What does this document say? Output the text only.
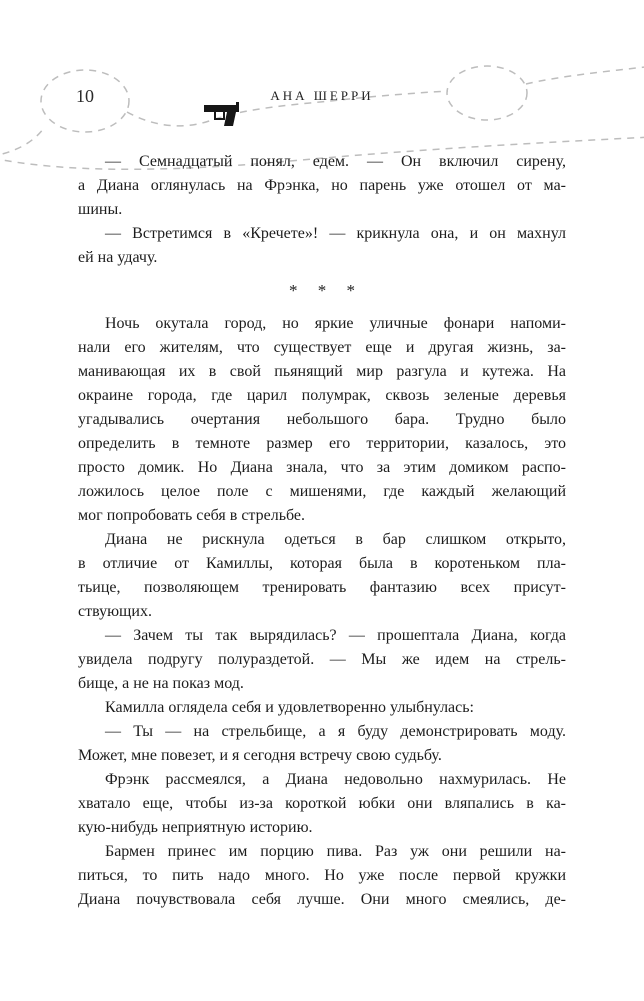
10	АНА ШЕРРИ
— Семнадцатый понял, едем. — Он включил сирену,
а Диана оглянулась на Фрэнка, но парень уже отошел от ма-
шины.
— Встретимся в «Кречете»! — крикнула она, и он махнул
ей на удачу.
* * *
Ночь окутала город, но яркие уличные фонари напоми-
нали его жителям, что существует еще и другая жизнь, за-
манивающая их в свой пьянящий мир разгула и кутежа. На
окраине города, где царил полумрак, сквозь зеленые деревья
угадывались очертания небольшого бара. Трудно было
определить в темноте размер его территории, казалось, это
просто домик. Но Диана знала, что за этим домиком распо-
ложилось целое поле с мишенями, где каждый желающий
мог попробовать себя в стрельбе.
Диана не рискнула одеться в бар слишком открыто,
в отличие от Камиллы, которая была в коротеньком пла-
тьице, позволяющем тренировать фантазию всех присут-
ствующих.
— Зачем ты так вырядилась? — прошептала Диана, когда
увидела подругу полураздетой. — Мы же идем на стрель-
бище, а не на показ мод.
Камилла оглядела себя и удовлетворенно улыбнулась:
— Ты — на стрельбище, а я буду демонстрировать моду.
Может, мне повезет, и я сегодня встречу свою судьбу.
Фрэнк рассмеялся, а Диана недовольно нахмурилась. Не
хватало еще, чтобы из-за короткой юбки они вляпались в ка-
кую-нибудь неприятную историю.
Бармен принес им порцию пива. Раз уж они решили на-
питься, то пить надо много. Но уже после первой кружки
Диана почувствовала себя лучше. Они много смеялись, де-
